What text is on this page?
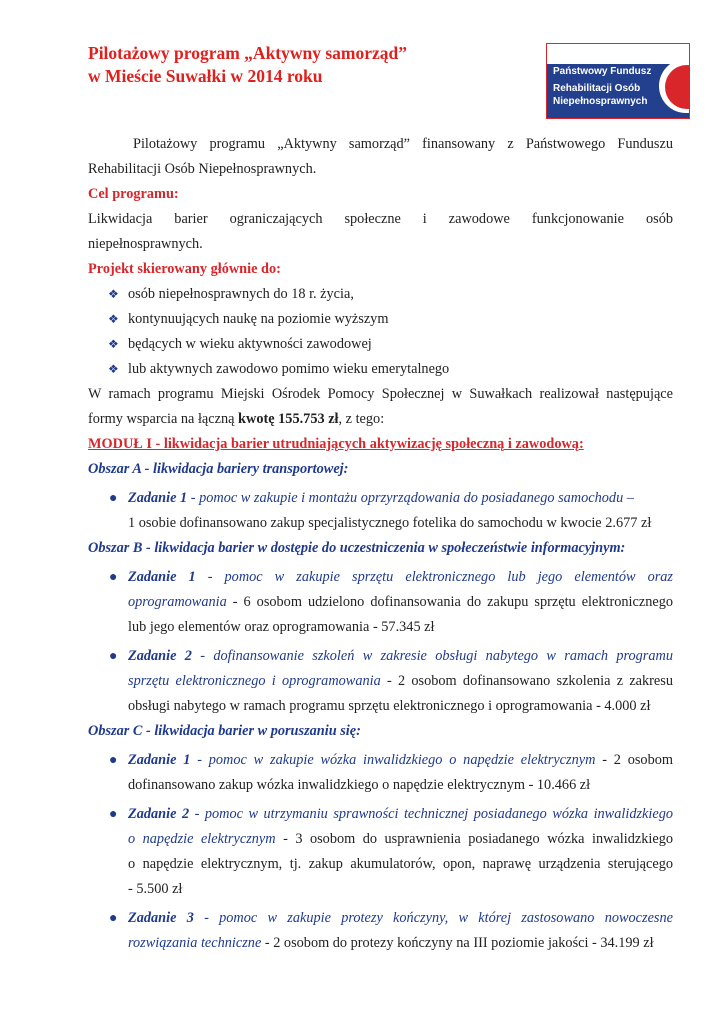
Pilotażowy program „Aktywny samorząd”
w Mieście Suwałki w 2014 roku	Państwowy Fundusz
Rehabilitacji Osób
Niepełnosprawnych

Pilotażowy programu „Aktywny samorząd” finansowany z Państwowego Funduszu

Rehabilitacji Osób Niepełnosprawnych.

Cel programu:

Likwidacja barier ograniczających społeczne i zawodowe funkcjonowanie osób

niepełnosprawnych.

Projekt skierowany głównie do:

❖ osób niepełnosprawnych do 18 r. życia,
❖ kontynuujących naukę na poziomie wyższym
❖ będących w wieku aktywności zawodowej
❖ lub aktywnych zawodowo pomimo wieku emerytalnego

W ramach programu Miejski Ośrodek Pomocy Społecznej w Suwałkach realizował następujące

formy wsparcia na łączną kwotę 155.753 zł, z tego:

MODUŁ I - likwidacja barier utrudniających aktywizację społeczną i zawodową:

Obszar A - likwidacja bariery transportowej:

● Zadanie 1 - pomoc w zakupie i montażu oprzyrządowania do posiadanego samochodu –

1 osobie dofinansowano zakup specjalistycznego fotelika do samochodu w kwocie 2.677 zł

Obszar B - likwidacja barier w dostępie do uczestniczenia w społeczeństwie informacyjnym:

● Zadanie 1 - pomoc w zakupie sprzętu elektronicznego lub jego elementów oraz

oprogramowania - 6 osobom udzielono dofinansowania do zakupu sprzętu elektronicznego

lub jego elementów oraz oprogramowania - 57.345 zł

● Zadanie 2 - dofinansowanie szkoleń w zakresie obsługi nabytego w ramach programu

sprzętu elektronicznego i oprogramowania - 2 osobom dofinansowano szkolenia z zakresu

obsługi nabytego w ramach programu sprzętu elektronicznego i oprogramowania - 4.000 zł

Obszar C - likwidacja barier w poruszaniu się:

● Zadanie 1 - pomoc w zakupie wózka inwalidzkiego o napędzie elektrycznym - 2 osobom

dofinansowano zakup wózka inwalidzkiego o napędzie elektrycznym - 10.466 zł

● Zadanie 2 - pomoc w utrzymaniu sprawności technicznej posiadanego wózka inwalidzkiego

o napędzie elektrycznym - 3 osobom do usprawnienia posiadanego wózka inwalidzkiego

o napędzie elektrycznym, tj. zakup akumulatorów, opon, naprawę urządzenia sterującego

- 5.500 zł

● Zadanie 3 - pomoc w zakupie protezy kończyny, w której zastosowano nowoczesne

rozwiązania techniczne - 2 osobom do protezy kończyny na III poziomie jakości - 34.199 zł
